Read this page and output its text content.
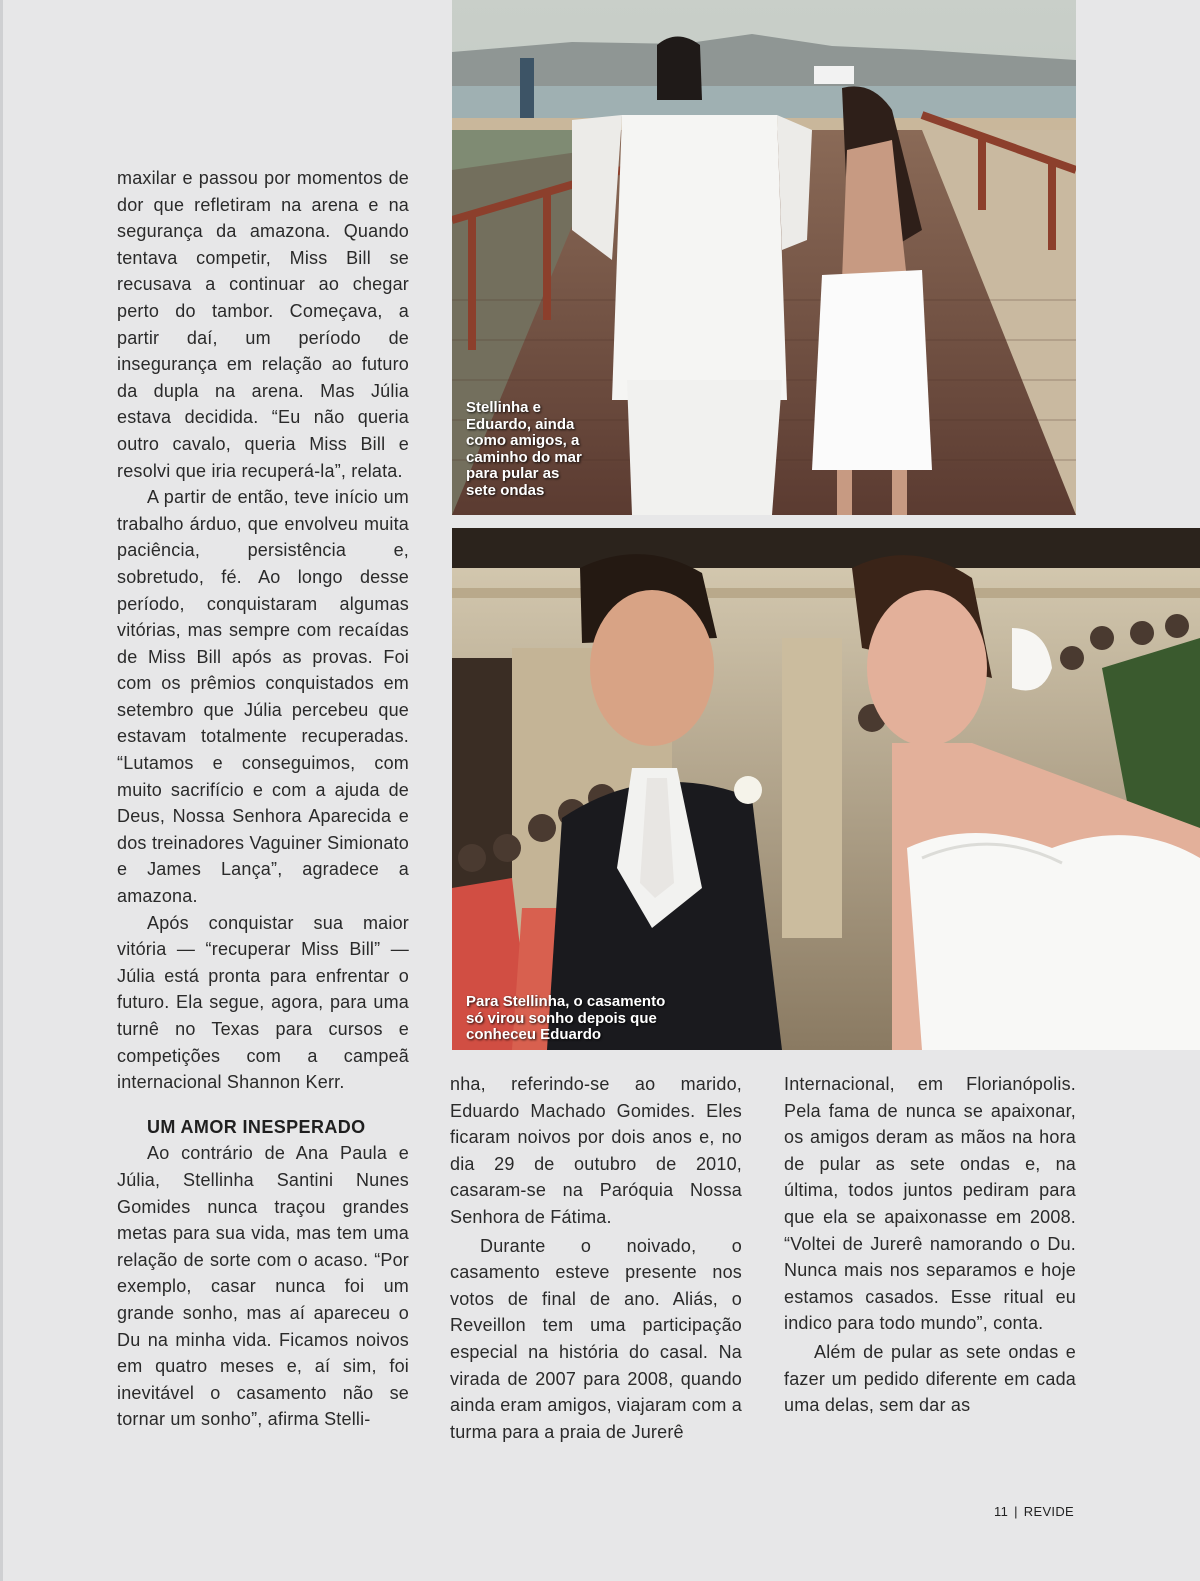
maxilar e passou por momentos de dor que refletiram na arena e na segurança da amazona. Quando tentava competir, Miss Bill se recusava a continuar ao chegar perto do tambor. Começava, a partir daí, um período de insegurança em relação ao futuro da dupla na arena. Mas Júlia estava decidida. “Eu não queria outro cavalo, queria Miss Bill e resolvi que iria recuperá-la”, relata.

A partir de então, teve início um trabalho árduo, que envolveu muita paciência, persistência e, sobretudo, fé. Ao longo desse período, conquistaram algumas vitórias, mas sempre com recaídas de Miss Bill após as provas. Foi com os prêmios conquistados em setembro que Júlia percebeu que estavam totalmente recuperadas. “Lutamos e conseguimos, com muito sacrifício e com a ajuda de Deus, Nossa Senhora Aparecida e dos treinadores Vaguiner Simionato e James Lança”, agradece a amazona.

Após conquistar sua maior vitória — “recuperar Miss Bill” — Júlia está pronta para enfrentar o futuro. Ela segue, agora, para uma turnê no Texas para cursos e competições com a campeã internacional Shannon Kerr.

UM AMOR INESPERADO

Ao contrário de Ana Paula e Júlia, Stellinha Santini Nunes Gomides nunca traçou grandes metas para sua vida, mas tem uma relação de sorte com o acaso. “Por exemplo, casar nunca foi um grande sonho, mas aí apareceu o Du na minha vida. Ficamos noivos em quatro meses e, aí sim, foi inevitável o casamento não se tornar um sonho”, afirma Stelli-

Stellinha e
Eduardo, ainda
como amigos, a
caminho do mar
para pular as
sete ondas
Para Stellinha, o casamento
só virou sonho depois que
conheceu Eduardo

nha, referindo-se ao marido, Eduardo Machado Gomides. Eles ficaram noivos por dois anos e, no dia 29 de outubro de 2010, casaram-se na Paróquia Nossa Senhora de Fátima.

Durante o noivado, o casamento esteve presente nos votos de final de ano. Aliás, o Reveillon tem uma participação especial na história do casal. Na virada de 2007 para 2008, quando ainda eram amigos, viajaram com a turma para a praia de Jurerê

Internacional, em Florianópolis. Pela fama de nunca se apaixonar, os amigos deram as mãos na hora de pular as sete ondas e, na última, todos juntos pediram para que ela se apaixonasse em 2008. “Voltei de Jurerê namorando o Du. Nunca mais nos separamos e hoje estamos casados. Esse ritual eu indico para todo mundo”, conta.

Além de pular as sete ondas e fazer um pedido diferente em cada uma delas, sem dar as

11 | REVIDE
